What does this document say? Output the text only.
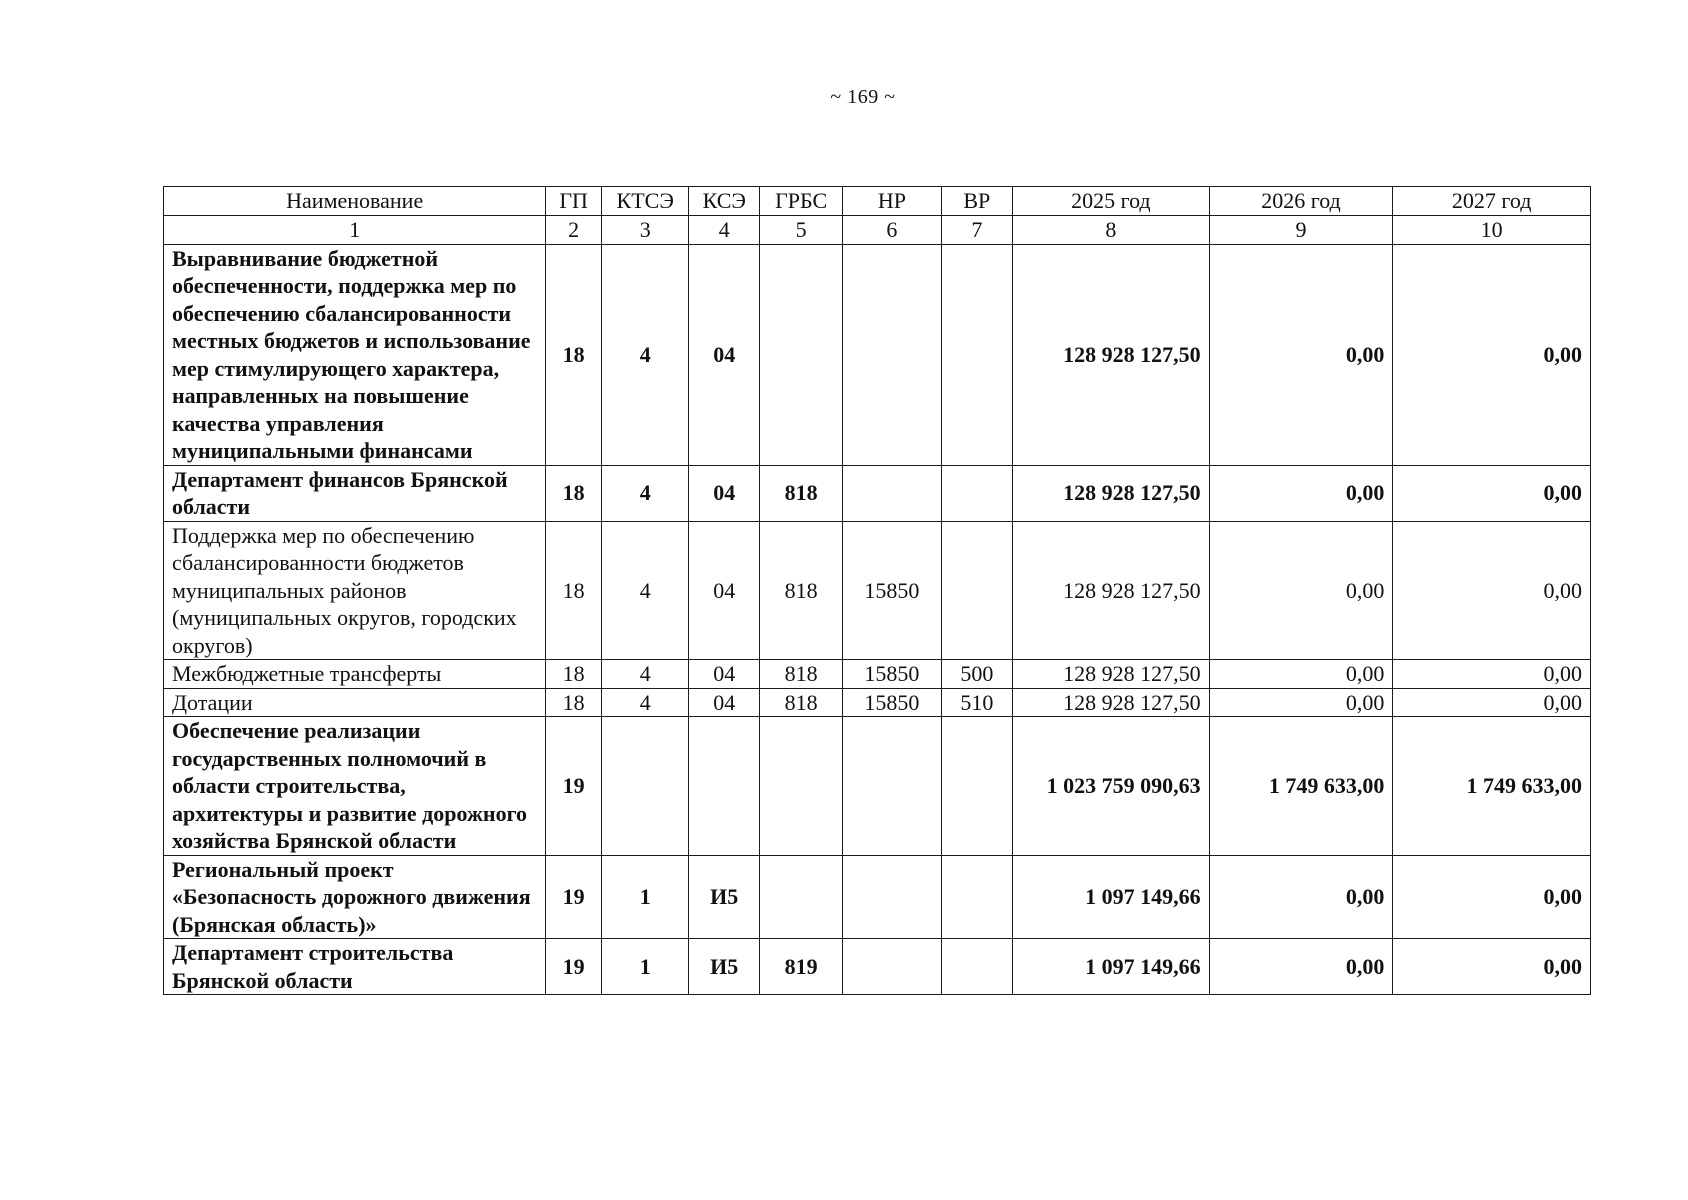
~ 169 ~
Наименование	ГП	КТСЭ	КСЭ	ГРБС	НР	ВР	2025 год	2026 год	2027 год
1	2	3	4	5	6	7	8	9	10
Выравнивание бюджетной обеспеченности, поддержка мер по обеспечению сбалансированности местных бюджетов и использование мер стимулирующего характера, направленных на повышение качества управления муниципальными финансами	18	4	04				128 928 127,50	0,00	0,00
Департамент финансов Брянской области	18	4	04	818			128 928 127,50	0,00	0,00
Поддержка мер по обеспечению сбалансированности бюджетов муниципальных районов (муниципальных округов, городских округов)	18	4	04	818	15850		128 928 127,50	0,00	0,00
Межбюджетные трансферты	18	4	04	818	15850	500	128 928 127,50	0,00	0,00
Дотации	18	4	04	818	15850	510	128 928 127,50	0,00	0,00
Обеспечение реализации государственных полномочий в области строительства, архитектуры и развитие дорожного хозяйства Брянской области	19						1 023 759 090,63	1 749 633,00	1 749 633,00
Региональный проект «Безопасность дорожного движения (Брянская область)»	19	1	И5				1 097 149,66	0,00	0,00
Департамент строительства Брянской области	19	1	И5	819			1 097 149,66	0,00	0,00
